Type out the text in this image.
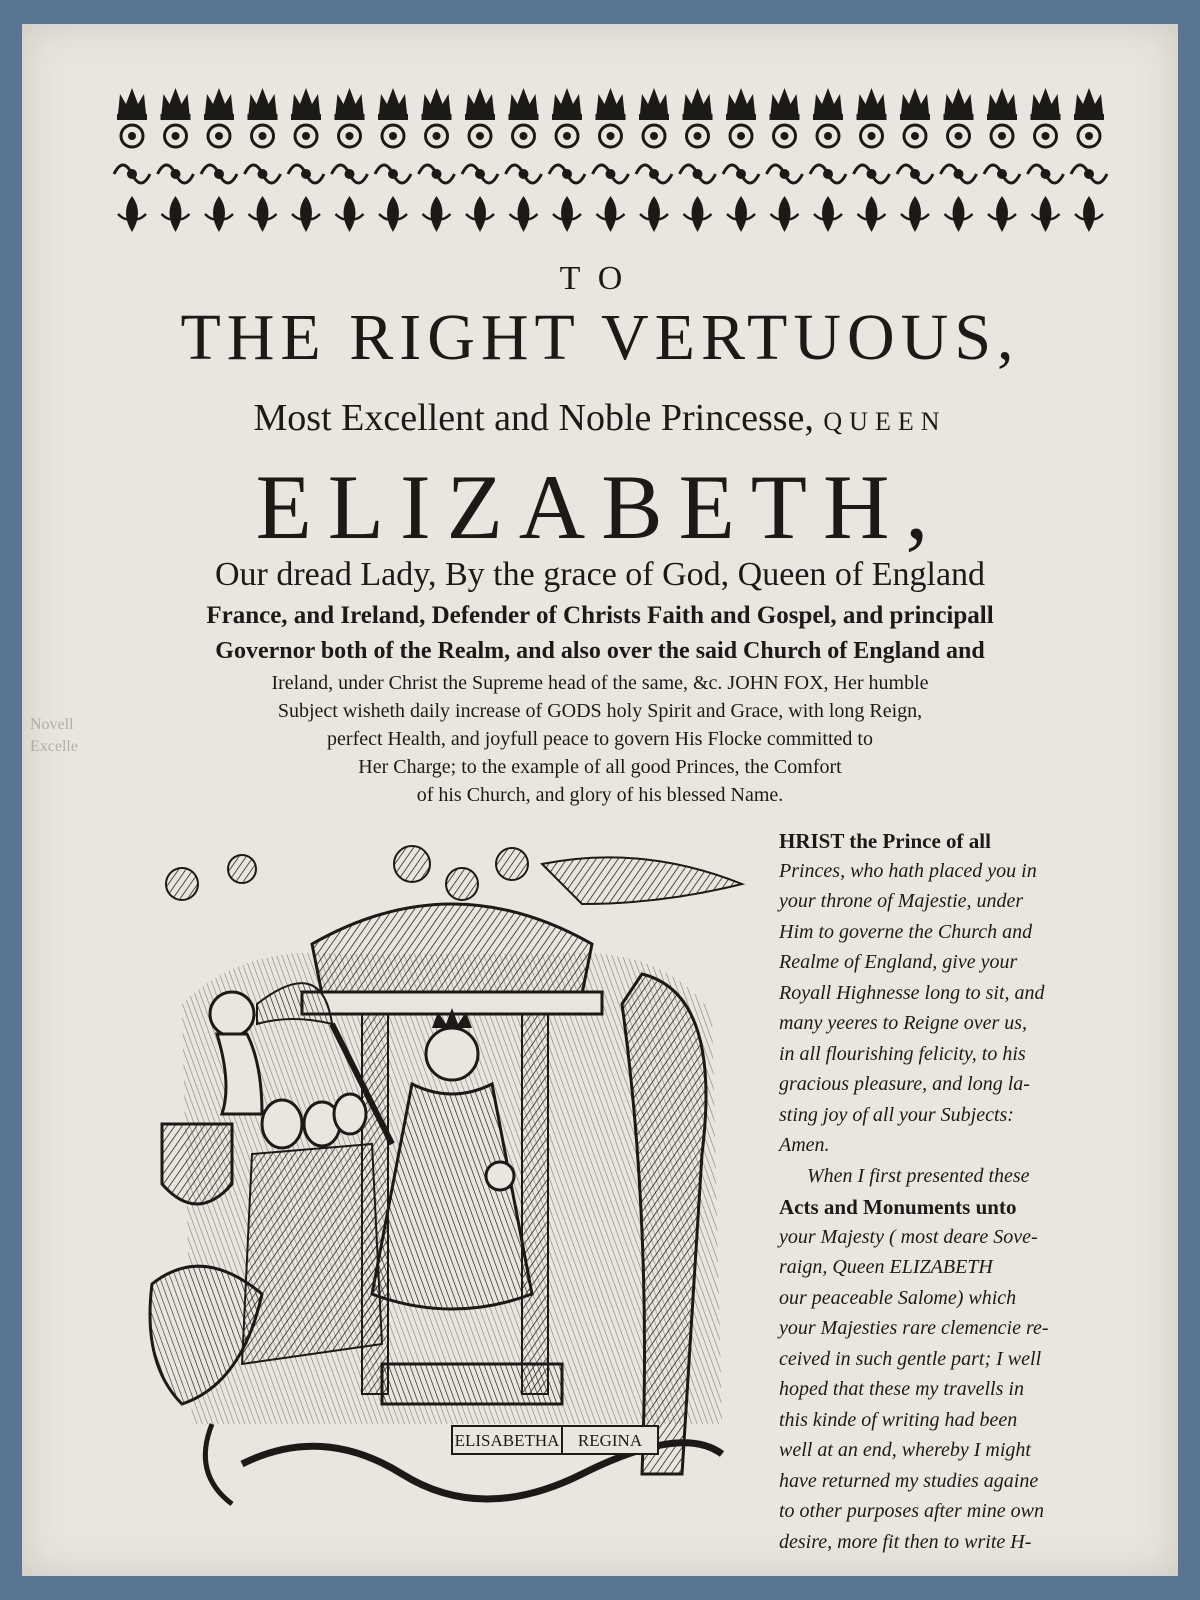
TO
THE RIGHT VERTUOUS,
Most Excellent and Noble Princesse, QUEEN
ELIZABETH,
Our dread Lady, By the grace of God, Queen of England
France, and Ireland, Defender of Christs Faith and Gospel, and principall
Governor both of the Realm, and also over the said Church of England and
Ireland, under Christ the Supreme head of the same, &c. JOHN FOX, Her humble
Subject wisheth daily increase of GODS holy Spirit and Grace, with long Reign,
perfect Health, and joyfull peace to govern His Flocke committed to
Her Charge; to the example of all good Princes, the Comfort
of his Church, and glory of his blessed Name.
Novell
Excelle
ELISABETHA REGINA
HRIST the Prince of all
Princes, who hath placed you in
your throne of Majestie, under
Him to governe the Church and
Realme of England, give your
Royall Highnesse long to sit, and
many yeeres to Reigne over us,
in all flourishing felicity, to his
gracious pleasure, and long la-
sting joy of all your Subjects:
Amen.
When I first presented these
Acts and Monuments unto
your Majesty ( most deare Sove-
raign, Queen ELIZABETH
our peaceable Salome) which
your Majesties rare clemencie re-
ceived in such gentle part; I well
hoped that these my travells in
this kinde of writing had been
well at an end, whereby I might
have returned my studies againe
to other purposes after mine own
desire, more fit then to write H-
